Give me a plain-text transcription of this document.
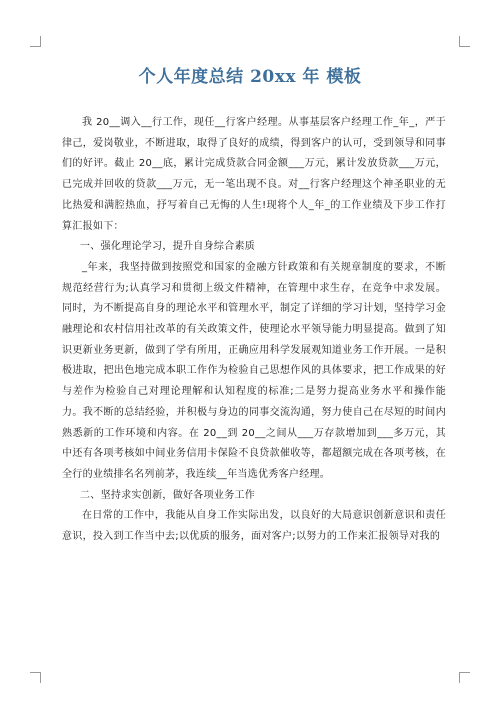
个人年度总结 20xx 年 模板

我 20__调入__行工作，现任__行客户经理。从事基层客户经理工作_年_，严于律己，爱岗敬业，不断进取，取得了良好的成绩，得到客户的认可，受到领导和同事们的好评。截止 20__底，累计完成贷款合同金额___万元，累计发放贷款___万元，已完成并回收的贷款___万元，无一笔出现不良。对__行客户经理这个神圣职业的无比热爱和满腔热血，抒写着自己无悔的人生!现将个人_年_的工作业绩及下步工作打算汇报如下：

一、强化理论学习，提升自身综合素质

_年来，我坚持做到按照党和国家的金融方针政策和有关规章制度的要求，不断规范经营行为;认真学习和贯彻上级文件精神，在管理中求生存，在竞争中求发展。同时，为不断提高自身的理论水平和管理水平，制定了详细的学习计划，坚持学习金融理论和农村信用社改革的有关政策文件，使理论水平领导能力明显提高。做到了知识更新业务更新，做到了学有所用，正确应用科学发展观知道业务工作开展。一是积极进取，把出色地完成本职工作作为检验自己思想作风的具体要求，把工作成果的好与差作为检验自己对理论理解和认知程度的标准;二是努力提高业务水平和操作能力。我不断的总结经验，并积极与身边的同事交流沟通，努力使自己在尽短的时间内熟悉新的工作环境和内容。在 20__到 20__之间从___万存款增加到___多万元，其中还有各项考核如中间业务信用卡保险不良贷款催收等，都超额完成在各项考核，在全行的业绩排名名列前茅，我连续__年当选优秀客户经理。

二、坚持求实创新，做好各项业务工作

在日常的工作中，我能从自身工作实际出发，以良好的大局意识创新意识和责任意识，投入到工作当中去;以优质的服务，面对客户;以努力的工作来汇报领导对我的
